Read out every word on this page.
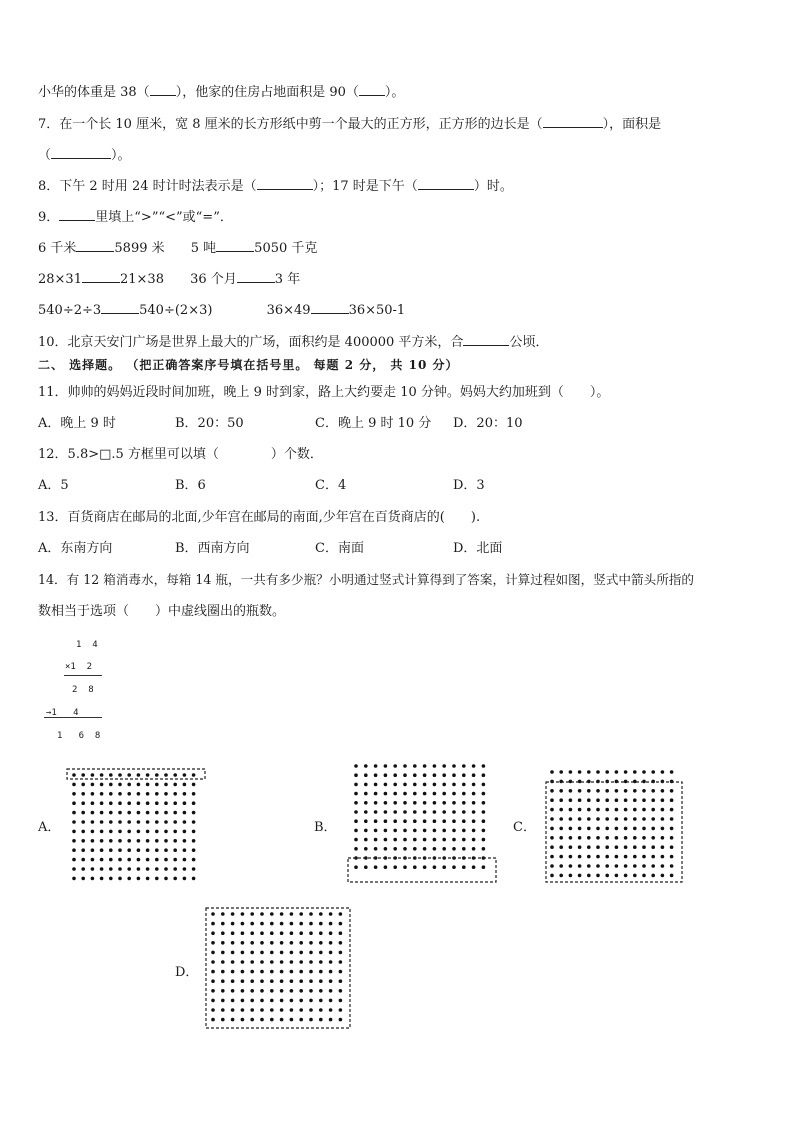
小华的体重是 38（ ），他家的住房占地面积是 90（ ）。
7．在一个长 10 厘米，宽 8 厘米的长方形纸中剪一个最大的正方形，正方形的边长是（	），面积是
（	）。
8．下午 2 时用 24 时计时法表示是（	）；17 时是下午（	）时。
9．	里填上“>”“<”或“=”．
6 千米	5899 米 5 吨	5050 千克
28×31	21×38 36 个月	3 年
540÷2÷3	540÷(2×3)	36×49	36×50-1
10．北京天安门广场是世界上最大的广场，面积约是 400000 平方米，合	公顷．
二、 选择题。 （把正确答案序号填在括号里。 每题 2 分， 共 10 分）
11．帅帅的妈妈近段时间加班，晚上 9 时到家，路上大约要走 10 分钟。妈妈大约加班到（　　）。
A．晚上 9 时	B．20：50	C．晚上 9 时 10 分 D．20：10
12．5.8>□.5 方框里可以填（　　　　）个数．
A．5	B．6	C．4	D．3
13．百货商店在邮局的北面,少年宫在邮局的南面,少年宫在百货商店的(　　).
A．东南方向	B．西南方向	C．南面	D．北面
14．有 12 箱消毒水，每箱 14 瓶，一共有多少瓶？小明通过竖式计算得到了答案，计算过程如图，竖式中箭头所指的
数相当于选项（　　）中虚线圈出的瓶数。
1  4
×1  2
2  8
→1   4
1   6  8
A．	B．	C．
D．
